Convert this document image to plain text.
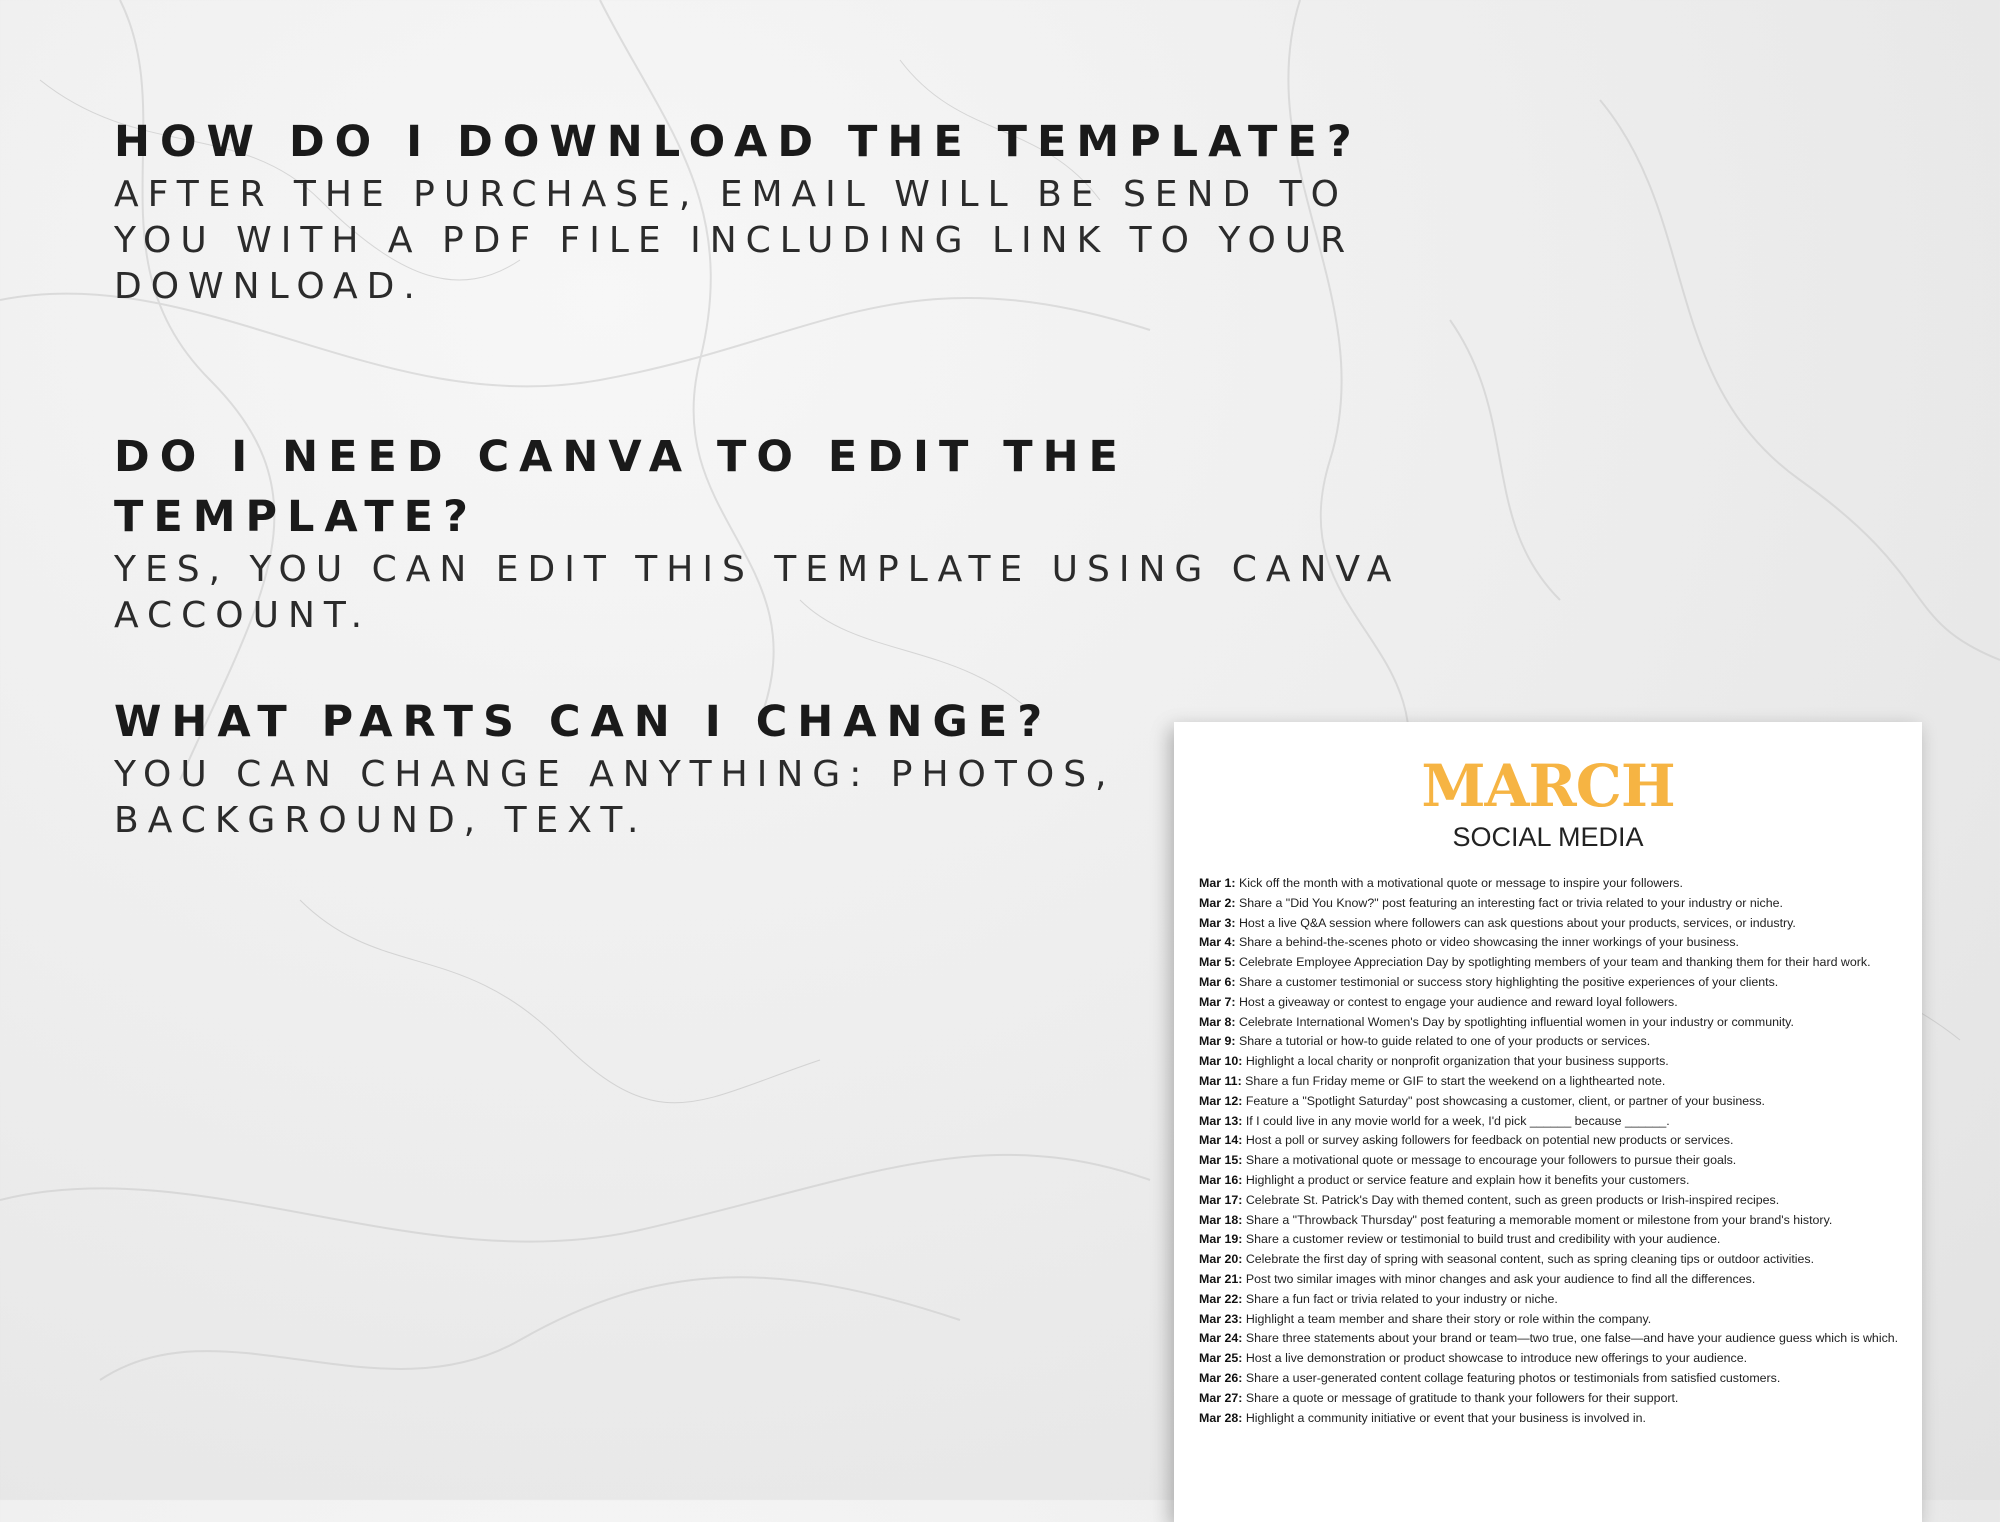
HOW DO I DOWNLOAD THE TEMPLATE?

AFTER THE PURCHASE, EMAIL WILL BE SEND TO YOU WITH A PDF FILE INCLUDING LINK TO YOUR DOWNLOAD.

DO I NEED CANVA TO EDIT THE TEMPLATE?

YES, YOU CAN EDIT THIS TEMPLATE USING CANVA ACCOUNT.

WHAT PARTS CAN I CHANGE?

YOU CAN CHANGE ANYTHING: PHOTOS, BACKGROUND, TEXT.

MARCH
SOCIAL MEDIA
Mar 1: Kick off the month with a motivational quote or message to inspire your followers.
Mar 2: Share a "Did You Know?" post featuring an interesting fact or trivia related to your industry or niche.
Mar 3: Host a live Q&A session where followers can ask questions about your products, services, or industry.
Mar 4: Share a behind-the-scenes photo or video showcasing the inner workings of your business.
Mar 5: Celebrate Employee Appreciation Day by spotlighting members of your team and thanking them for their hard work.
Mar 6: Share a customer testimonial or success story highlighting the positive experiences of your clients.
Mar 7: Host a giveaway or contest to engage your audience and reward loyal followers.
Mar 8: Celebrate International Women's Day by spotlighting influential women in your industry or community.
Mar 9: Share a tutorial or how-to guide related to one of your products or services.
Mar 10: Highlight a local charity or nonprofit organization that your business supports.
Mar 11: Share a fun Friday meme or GIF to start the weekend on a lighthearted note.
Mar 12: Feature a "Spotlight Saturday" post showcasing a customer, client, or partner of your business.
Mar 13: If I could live in any movie world for a week, I'd pick ______ because ______.
Mar 14: Host a poll or survey asking followers for feedback on potential new products or services.
Mar 15: Share a motivational quote or message to encourage your followers to pursue their goals.
Mar 16: Highlight a product or service feature and explain how it benefits your customers.
Mar 17: Celebrate St. Patrick's Day with themed content, such as green products or Irish-inspired recipes.
Mar 18: Share a "Throwback Thursday" post featuring a memorable moment or milestone from your brand's history.
Mar 19: Share a customer review or testimonial to build trust and credibility with your audience.
Mar 20: Celebrate the first day of spring with seasonal content, such as spring cleaning tips or outdoor activities.
Mar 21: Post two similar images with minor changes and ask your audience to find all the differences.
Mar 22: Share a fun fact or trivia related to your industry or niche.
Mar 23: Highlight a team member and share their story or role within the company.
Mar 24: Share three statements about your brand or team—two true, one false—and have your audience guess which is which.
Mar 25: Host a live demonstration or product showcase to introduce new offerings to your audience.
Mar 26: Share a user-generated content collage featuring photos or testimonials from satisfied customers.
Mar 27: Share a quote or message of gratitude to thank your followers for their support.
Mar 28: Highlight a community initiative or event that your business is involved in.
